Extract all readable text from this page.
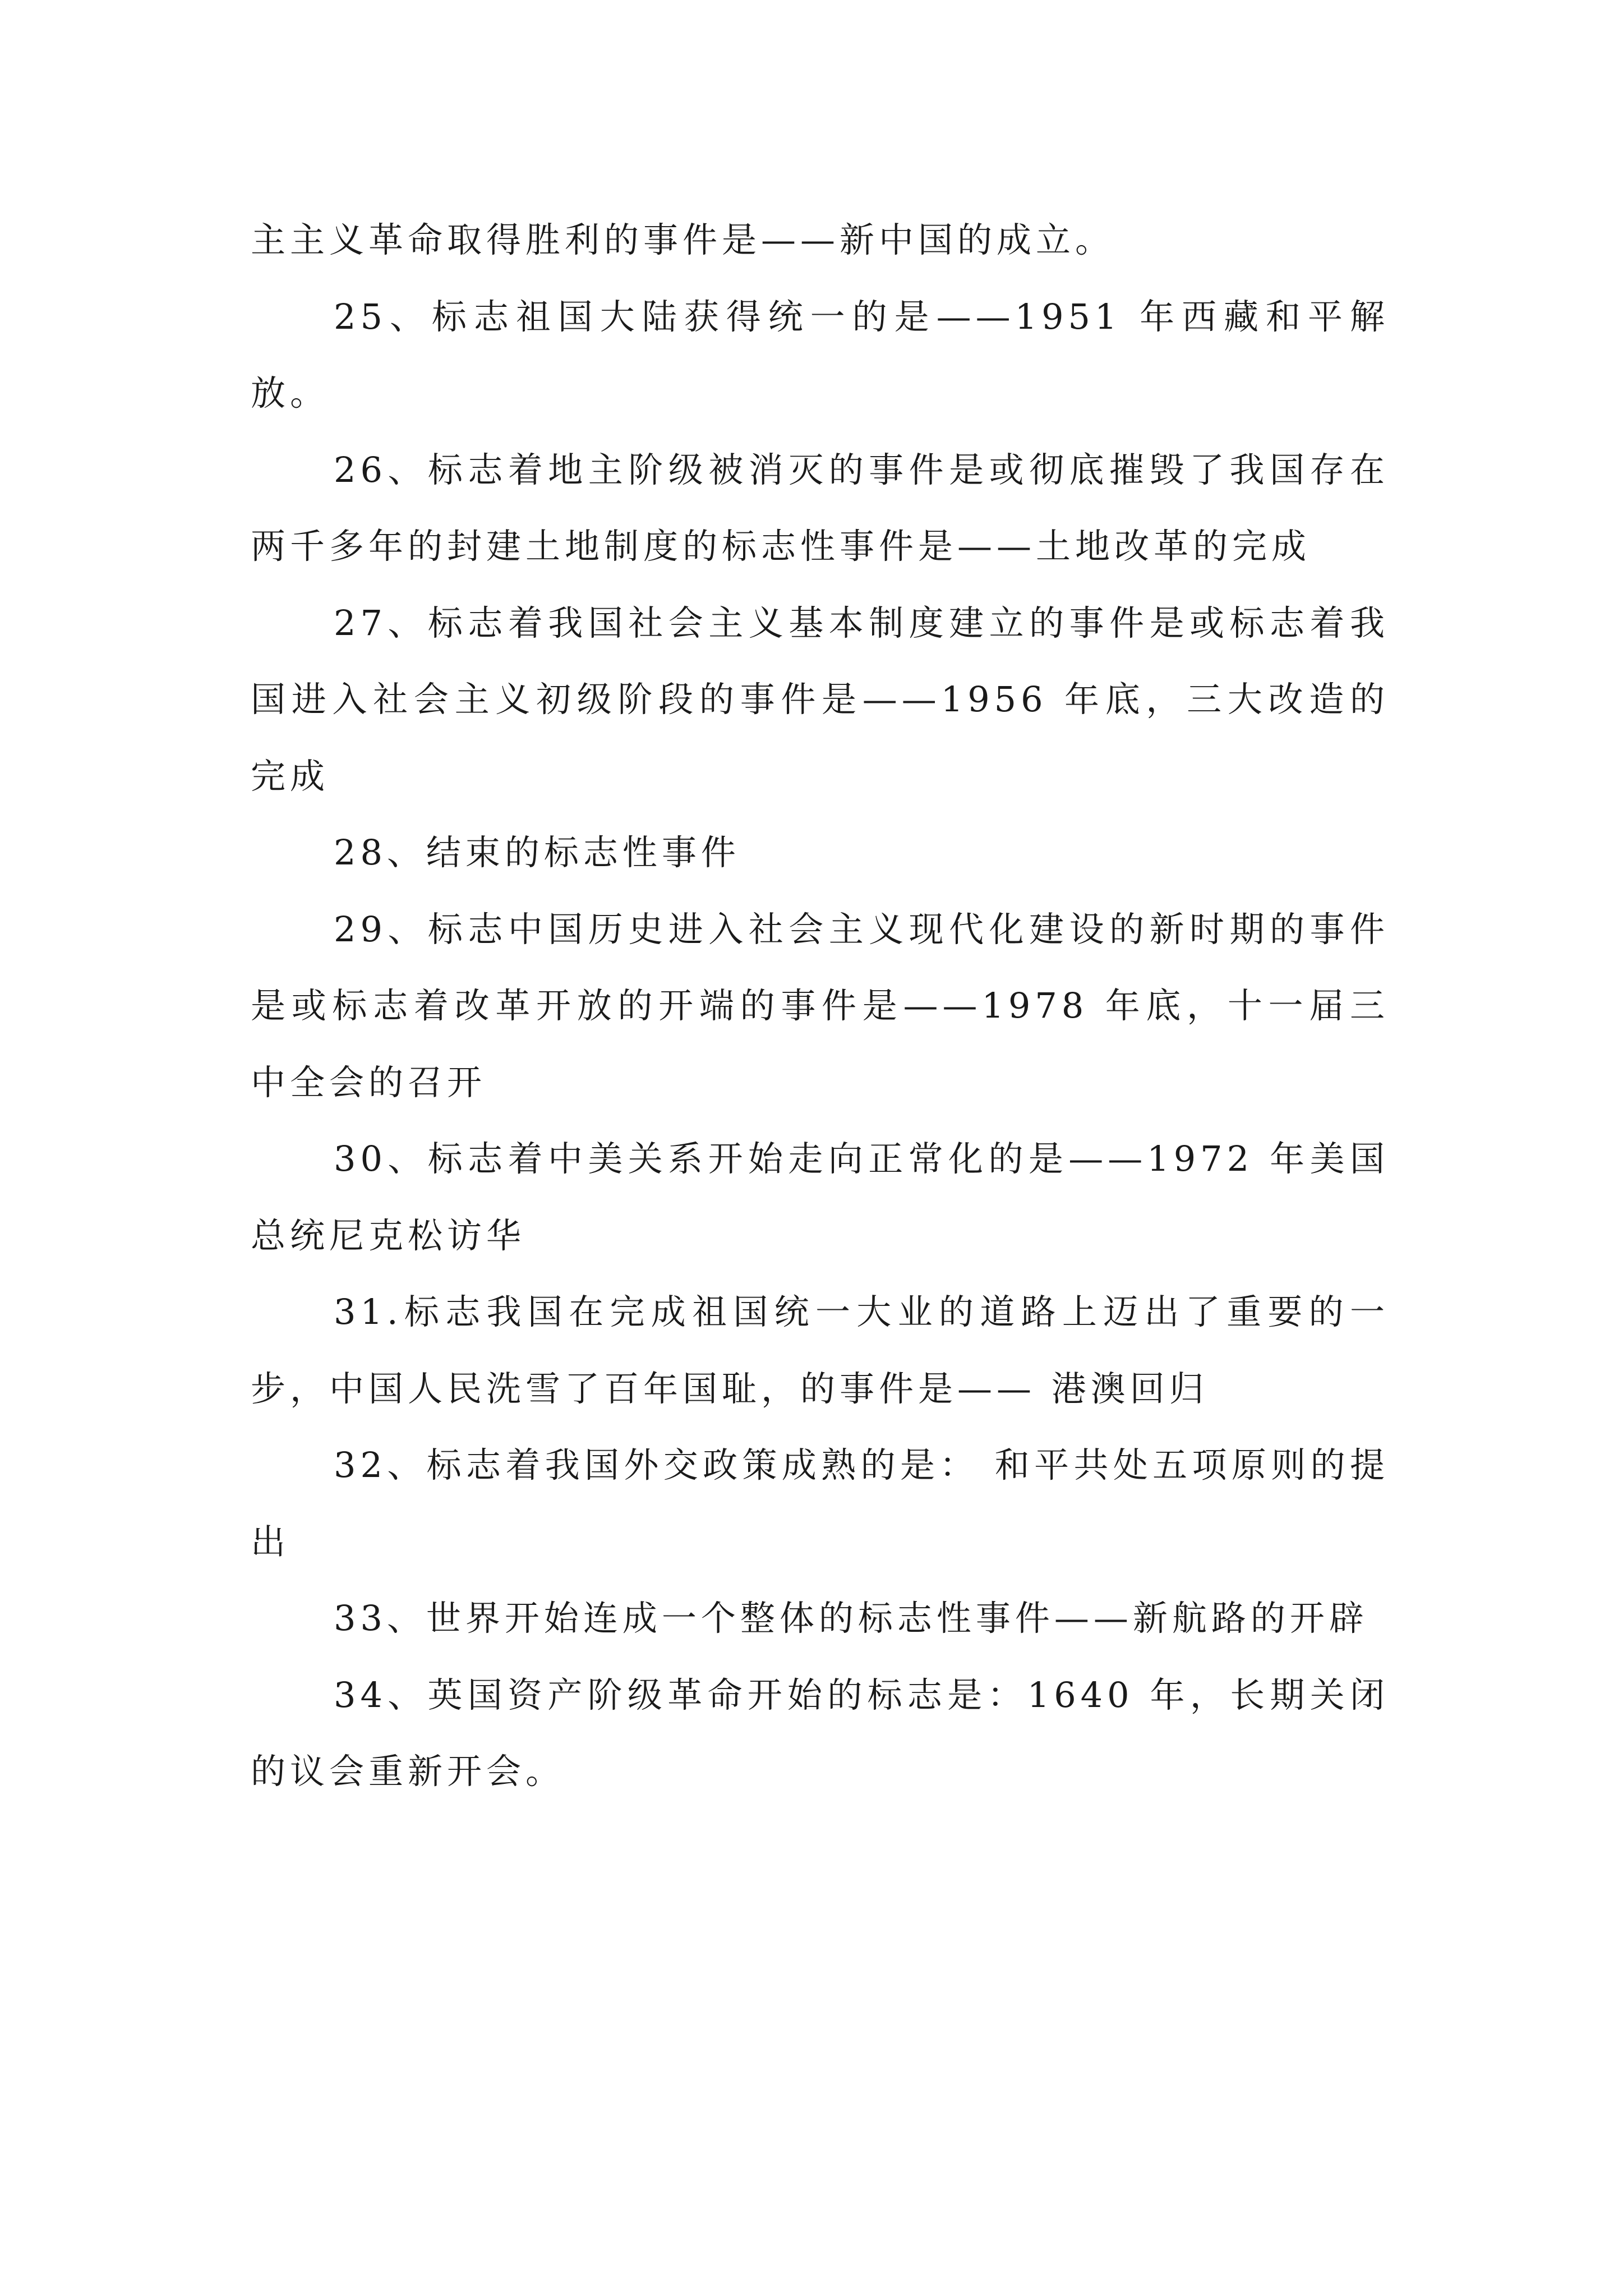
主主义革命取得胜利的事件是——新中国的成立。

25、标志祖国大陆获得统一的是——1951 年西藏和平解放。

26、标志着地主阶级被消灭的事件是或彻底摧毁了我国存在两千多年的封建土地制度的标志性事件是——土地改革的完成

27、标志着我国社会主义基本制度建立的事件是或标志着我国进入社会主义初级阶段的事件是——1956 年底，三大改造的完成

28、结束的标志性事件

29、标志中国历史进入社会主义现代化建设的新时期的事件是或标志着改革开放的开端的事件是——1978 年底，十一届三中全会的召开

30、标志着中美关系开始走向正常化的是——1972 年美国总统尼克松访华

31.标志我国在完成祖国统一大业的道路上迈出了重要的一步，中国人民洗雪了百年国耻，的事件是—— 港澳回归

32、标志着我国外交政策成熟的是： 和平共处五项原则的提出

33、世界开始连成一个整体的标志性事件——新航路的开辟

34、英国资产阶级革命开始的标志是：1640 年，长期关闭的议会重新开会。
